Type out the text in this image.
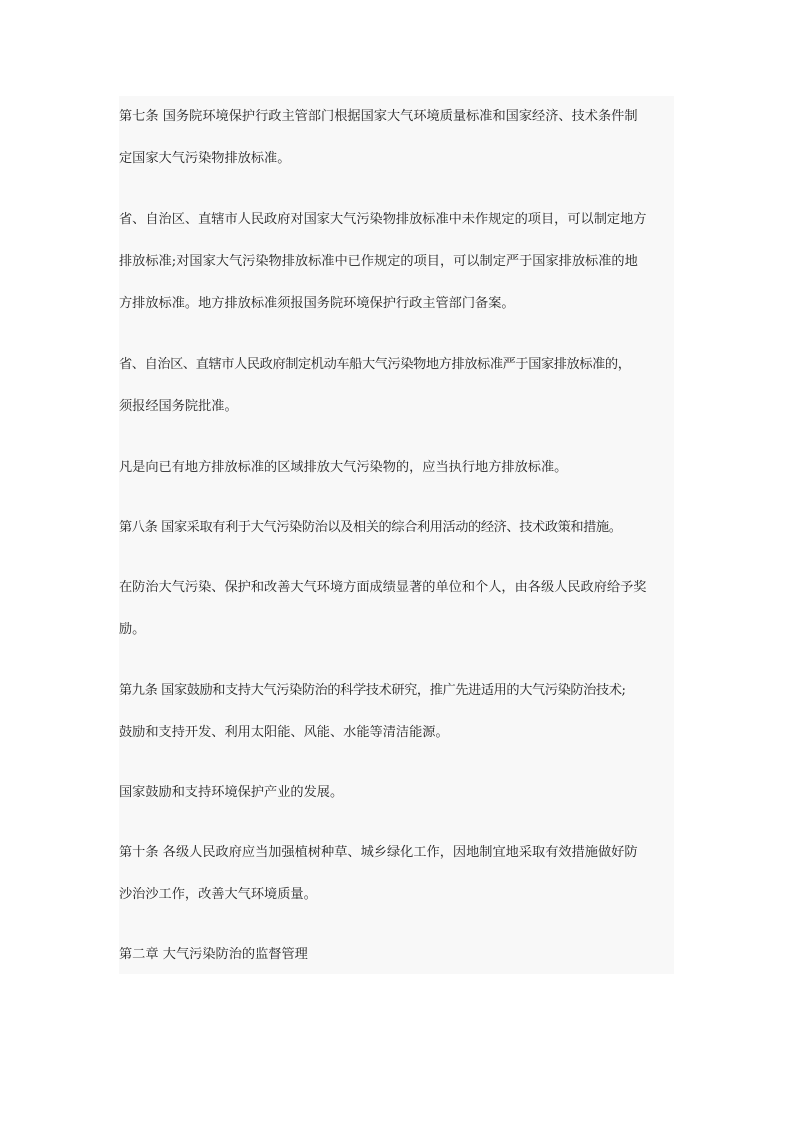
第七条 国务院环境保护行政主管部门根据国家大气环境质量标准和国家经济、技术条件制

定国家大气污染物排放标准。

省、自治区、直辖市人民政府对国家大气污染物排放标准中未作规定的项目，可以制定地方

排放标准;对国家大气污染物排放标准中已作规定的项目，可以制定严于国家排放标准的地

方排放标准。地方排放标准须报国务院环境保护行政主管部门备案。

省、自治区、直辖市人民政府制定机动车船大气污染物地方排放标准严于国家排放标准的，

须报经国务院批准。

凡是向已有地方排放标准的区域排放大气污染物的，应当执行地方排放标准。

第八条 国家采取有利于大气污染防治以及相关的综合利用活动的经济、技术政策和措施。

在防治大气污染、保护和改善大气环境方面成绩显著的单位和个人，由各级人民政府给予奖

励。

第九条 国家鼓励和支持大气污染防治的科学技术研究，推广先进适用的大气污染防治技术;

鼓励和支持开发、利用太阳能、风能、水能等清洁能源。

国家鼓励和支持环境保护产业的发展。

第十条 各级人民政府应当加强植树种草、城乡绿化工作，因地制宜地采取有效措施做好防

沙治沙工作，改善大气环境质量。

第二章 大气污染防治的监督管理
